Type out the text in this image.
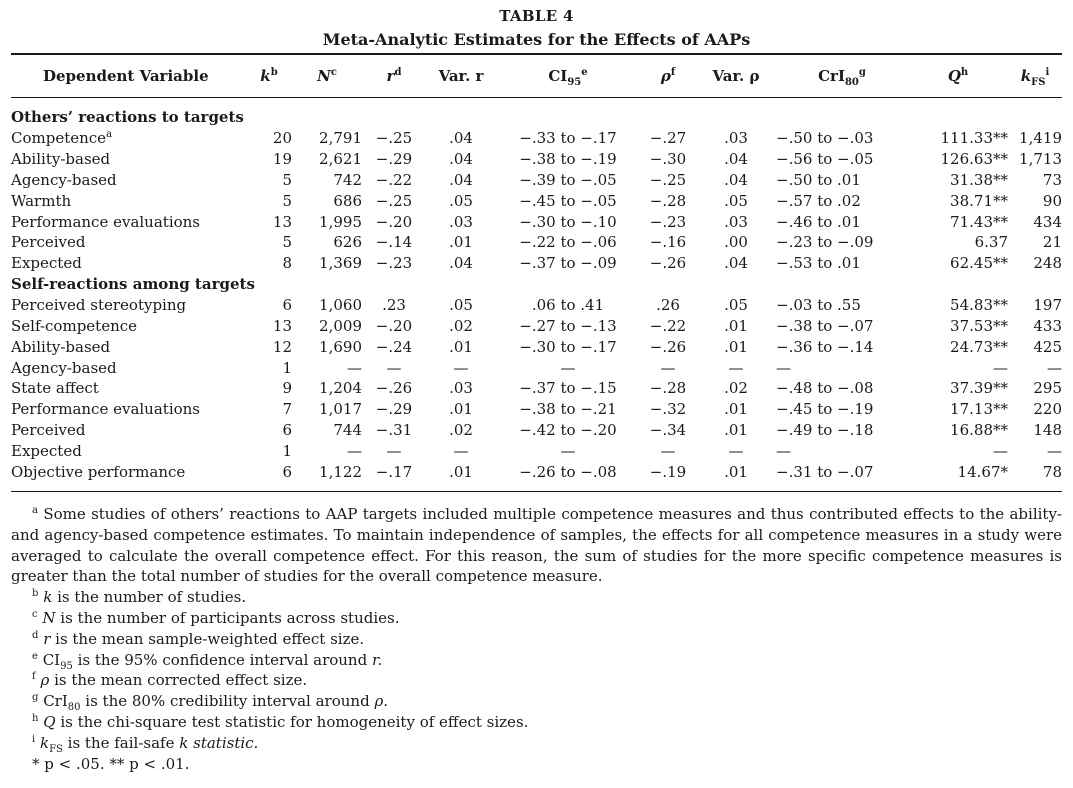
TABLE 4
Meta-Analytic Estimates for the Effects of AAPs
Dependent Variable	$k^b$	$N^c$	$r^d$	Var. r	$CI_{95}^e$	$\rho^f$	Var. ρ	CrI$_{80}^g$	$Q^h$	$k_{FS}^i$
Others’ reactions to targets										
Competence$^a$	20	2,791	−.25	.04	−.33 to −.17	−.27	.03	−.50 to −.03	111.33**	1,419
Ability-based	19	2,621	−.29	.04	−.38 to −.19	−.30	.04	−.56 to −.05	126.63**	1,713
Agency-based	5	742	−.22	.04	−.39 to −.05	−.25	.04	−.50 to .01	31.38**	73
Warmth	5	686	−.25	.05	−.45 to −.05	−.28	.05	−.57 to .02	38.71**	90
Performance evaluations	13	1,995	−.20	.03	−.30 to −.10	−.23	.03	−.46 to .01	71.43**	434
Perceived	5	626	−.14	.01	−.22 to −.06	−.16	.00	−.23 to −.09	6.37	21
Expected	8	1,369	−.23	.04	−.37 to −.09	−.26	.04	−.53 to .01	62.45**	248
Self-reactions among targets										
Perceived stereotyping	6	1,060	.23	.05	.06 to .41	.26	.05	−.03 to .55	54.83**	197
Self-competence	13	2,009	−.20	.02	−.27 to −.13	−.22	.01	−.38 to −.07	37.53**	433
Ability-based	12	1,690	−.24	.01	−.30 to −.17	−.26	.01	−.36 to −.14	24.73**	425
Agency-based	1	—	—	—	—	—	—	—	—	—
State affect	9	1,204	−.26	.03	−.37 to −.15	−.28	.02	−.48 to −.08	37.39**	295
Performance evaluations	7	1,017	−.29	.01	−.38 to −.21	−.32	.01	−.45 to −.19	17.13**	220
Perceived	6	744	−.31	.02	−.42 to −.20	−.34	.01	−.49 to −.18	16.88**	148
Expected	1	—	—	—	—	—	—	—	—	—
Objective performance	6	1,122	−.17	.01	−.26 to −.08	−.19	.01	−.31 to −.07	14.67*	78

$^a$ Some studies of others’ reactions to AAP targets included multiple competence measures and thus contributed effects to the ability- and agency-based competence estimates. To maintain independence of samples, the effects for all competence measures in a study were averaged to calculate the overall competence effect. For this reason, the sum of studies for the more specific competence measures is greater than the total number of studies for the overall competence measure.

$^b$ k is the number of studies.

$^c$ N is the number of participants across studies.

$^d$ r is the mean sample-weighted effect size.

$^e$ $CI_{95}$ is the 95% confidence interval around r.

$^f$ ρ is the mean corrected effect size.

$^g$ CrI$_{80}$ is the 80% credibility interval around ρ.

$^h$ Q is the chi-square test statistic for homogeneity of effect sizes.

$^i$ $k_{FS}$ is the fail-safe k statistic.

* p < .05. ** p < .01.
